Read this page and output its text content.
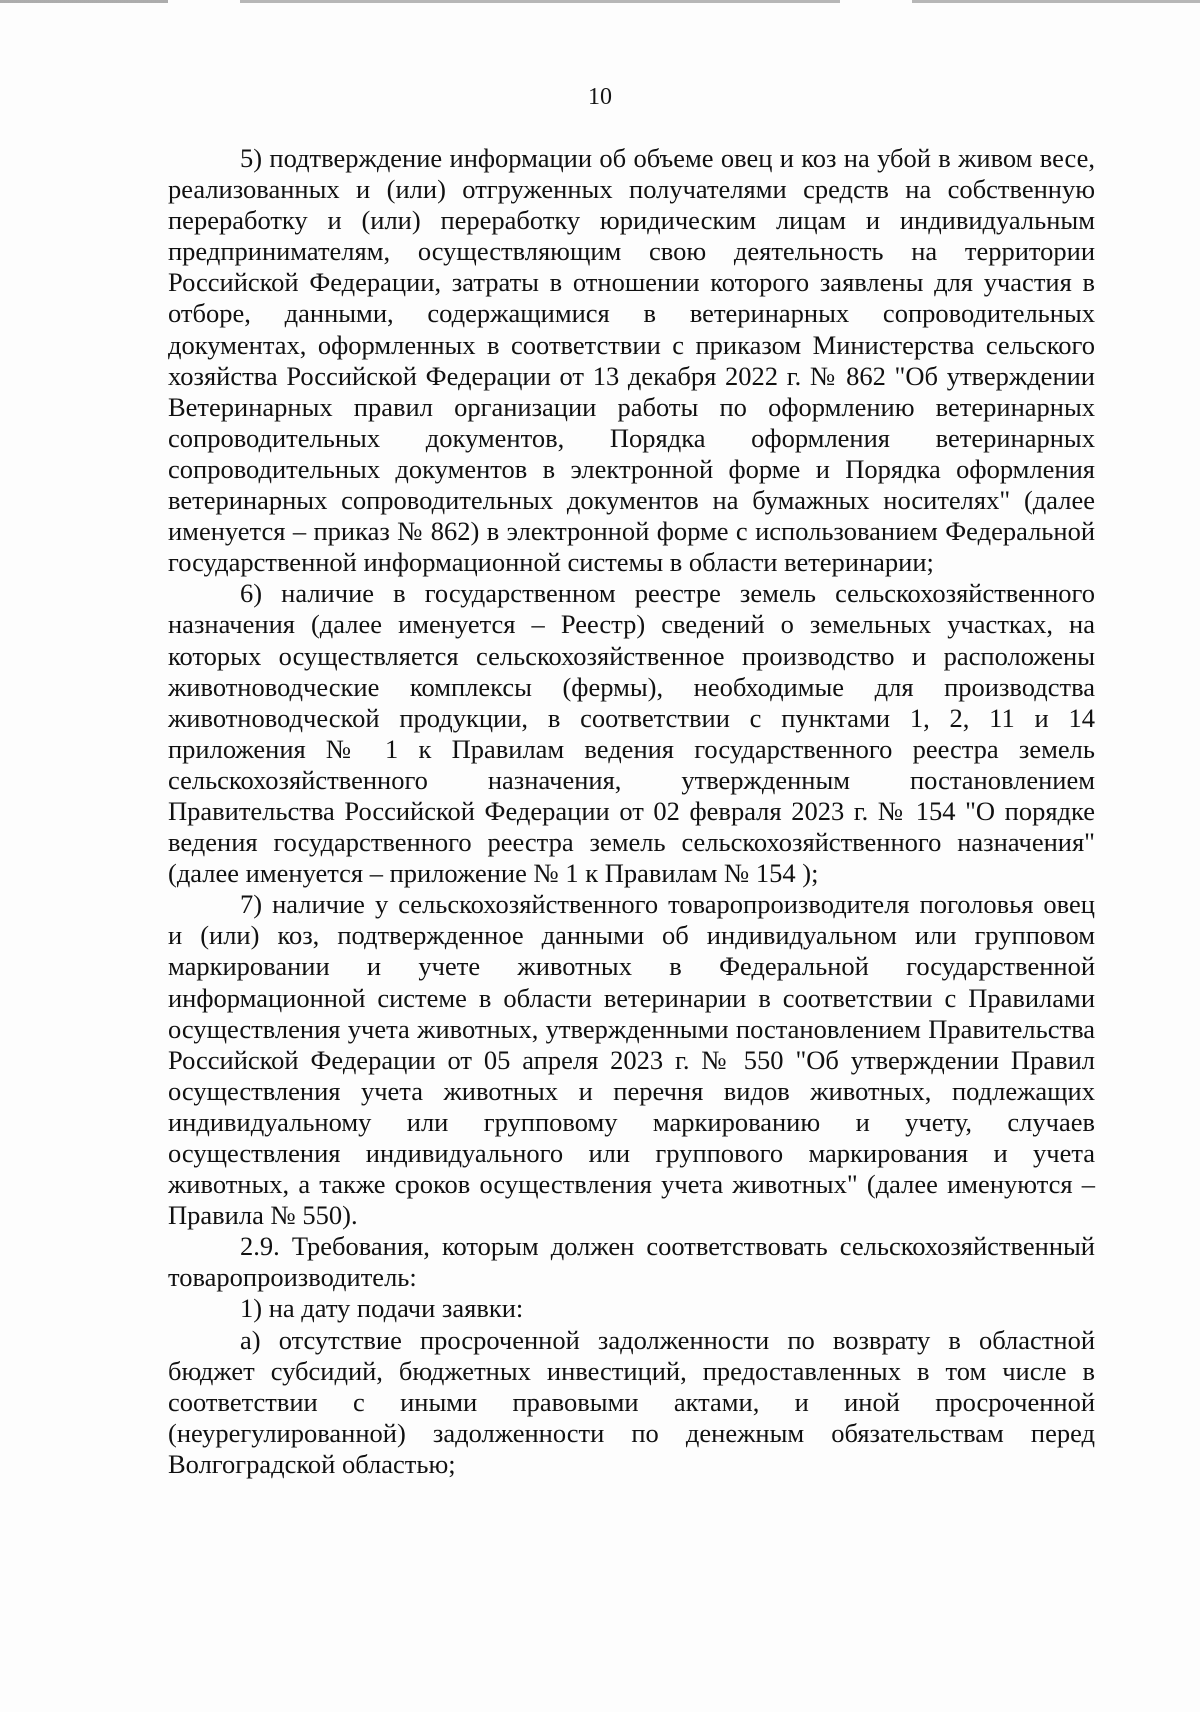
10

5) подтверждение информации об объеме овец и коз на убой в живом весе, реализованных и (или) отгруженных получателями средств на собственную переработку и (или) переработку юридическим лицам и индивидуальным предпринимателям, осуществляющим свою деятельность на территории Российской Федерации, затраты в отношении которого заявлены для участия в отборе, данными, содержащимися в ветеринарных сопроводительных документах, оформленных в соответствии с приказом Министерства сельского хозяйства Российской Федерации от 13 декабря 2022 г. № 862 "Об утверждении Ветеринарных правил организации работы по оформлению ветеринарных сопроводительных документов, Порядка оформления ветеринарных сопроводительных документов в электронной форме и Порядка оформления ветеринарных сопроводительных документов на бумажных носителях" (далее именуется – приказ № 862) в электронной форме с использованием Федеральной государственной информационной системы в области ветеринарии;

6) наличие в государственном реестре земель сельскохозяйственного назначения (далее именуется – Реестр) сведений о земельных участках, на которых осуществляется сельскохозяйственное производство и расположены животноводческие комплексы (фермы), необходимые для производства животноводческой продукции, в соответствии с пунктами 1, 2, 11 и 14 приложения № 1 к Правилам ведения государственного реестра земель сельскохозяйственного назначения, утвержденным постановлением Правительства Российской Федерации от 02 февраля 2023 г. № 154 "О порядке ведения государственного реестра земель сельскохозяйственного назначения" (далее именуется – приложение № 1 к Правилам № 154 );

7) наличие у сельскохозяйственного товаропроизводителя поголовья овец и (или) коз, подтвержденное данными об индивидуальном или групповом маркировании и учете животных в Федеральной государственной информационной системе в области ветеринарии в соответствии с Правилами осуществления учета животных, утвержденными постановлением Правительства Российской Федерации от 05 апреля 2023 г. № 550 "Об утверждении Правил осуществления учета животных и перечня видов животных, подлежащих индивидуальному или групповому маркированию и учету, случаев осуществления индивидуального или группового маркирования и учета животных, а также сроков осуществления учета животных" (далее именуются – Правила № 550).

2.9. Требования, которым должен соответствовать сельскохозяйственный товаропроизводитель:

1) на дату подачи заявки:

а) отсутствие просроченной задолженности по возврату в областной бюджет субсидий, бюджетных инвестиций, предоставленных в том числе в соответствии с иными правовыми актами, и иной просроченной (неурегулированной) задолженности по денежным обязательствам перед Волгоградской областью;
